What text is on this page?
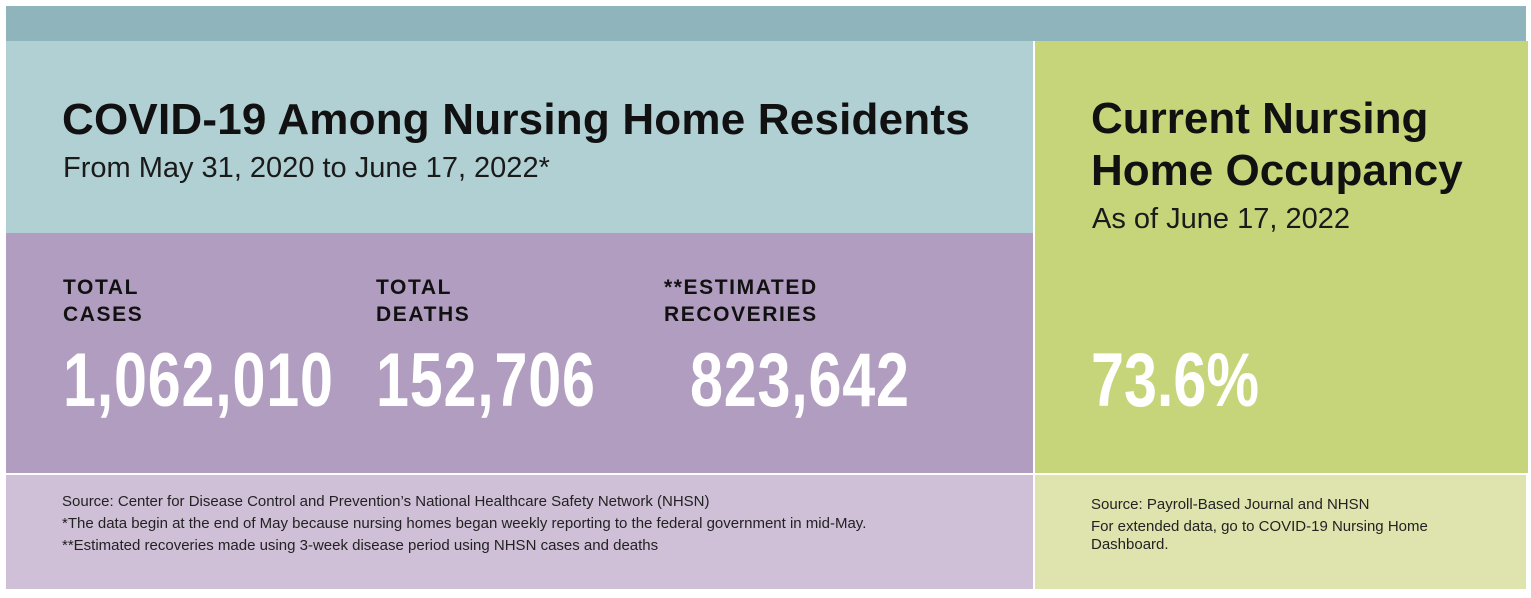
COVID-19 Among Nursing Home Residents
From May 31, 2020 to June 17, 2022*
TOTAL
CASES
1,062,010
TOTAL
DEATHS
152,706
**ESTIMATED
RECOVERIES
823,642

Source: Center for Disease Control and Prevention’s National Healthcare Safety Network (NHSN)

*The data begin at the end of May because nursing homes began weekly reporting to the federal government in mid-May.

**Estimated recoveries made using 3-week disease period using NHSN cases and deaths

Current Nursing
Home Occupancy
As of June 17, 2022
73.6%

Source: Payroll-Based Journal and NHSN

For extended data, go to COVID-19 Nursing Home Dashboard.
